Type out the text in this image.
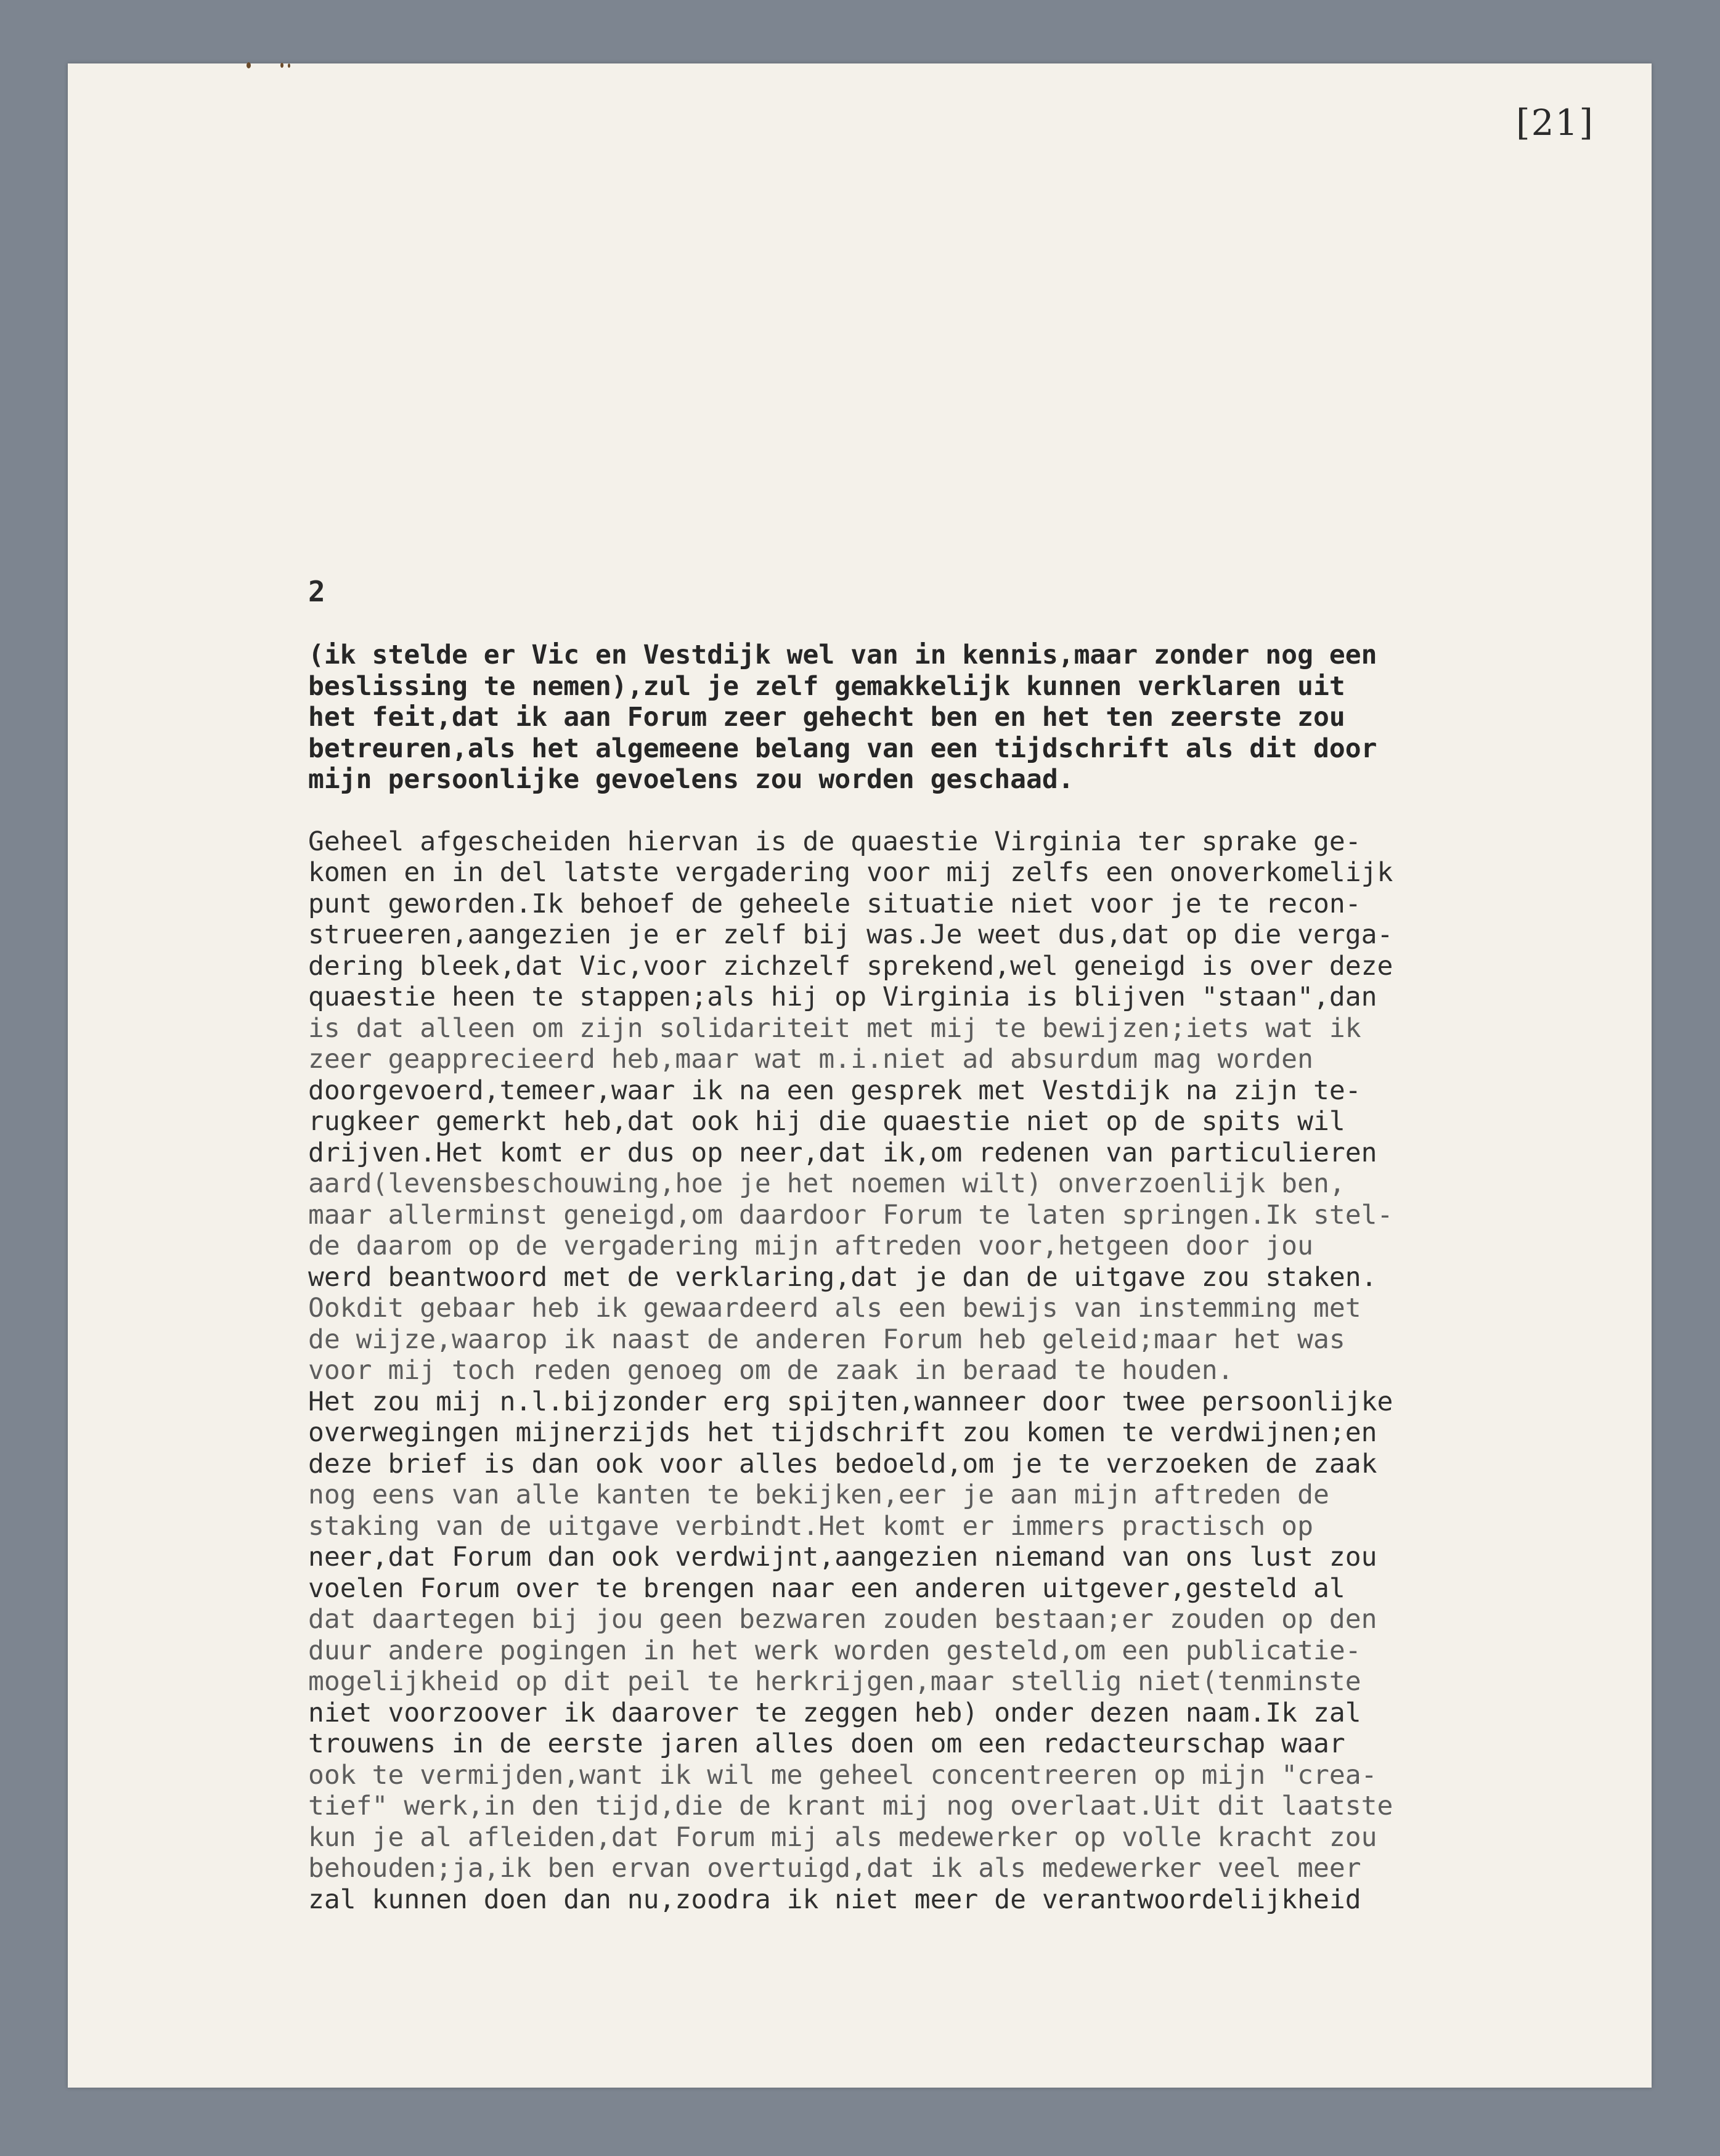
[21]
2
(ik stelde er Vic en Vestdijk wel van in kennis,maar zonder nog een
beslissing te nemen),zul je zelf gemakkelijk kunnen verklaren uit
het feit,dat ik aan Forum zeer gehecht ben en het ten zeerste zou
betreuren,als het algemeene belang van een tijdschrift als dit door
mijn persoonlijke gevoelens zou worden geschaad.
Geheel afgescheiden hiervan is de quaestie Virginia ter sprake ge-
komen en in del latste vergadering voor mij zelfs een onoverkomelijk
punt geworden.Ik behoef de geheele situatie niet voor je te recon-
strueeren,aangezien je er zelf bij was.Je weet dus,dat op die verga-
dering bleek,dat Vic,voor zichzelf sprekend,wel geneigd is over deze
quaestie heen te stappen;als hij op Virginia is blijven "staan",dan
is dat alleen om zijn solidariteit met mij te bewijzen;iets wat ik
zeer geapprecieerd heb,maar wat m.i.niet ad absurdum mag worden
doorgevoerd,temeer,waar ik na een gesprek met Vestdijk na zijn te-
rugkeer gemerkt heb,dat ook hij die quaestie niet op de spits wil
drijven.Het komt er dus op neer,dat ik,om redenen van particulieren
aard(levensbeschouwing,hoe je het noemen wilt) onverzoenlijk ben,
maar allerminst geneigd,om daardoor Forum te laten springen.Ik stel-
de daarom op de vergadering mijn aftreden voor,hetgeen door jou
werd beantwoord met de verklaring,dat je dan de uitgave zou staken.
Ookdit gebaar heb ik gewaardeerd als een bewijs van instemming met
de wijze,waarop ik naast de anderen Forum heb geleid;maar het was
voor mij toch reden genoeg om de zaak in beraad te houden.
Het zou mij n.l.bijzonder erg spijten,wanneer door twee persoonlijke
overwegingen mijnerzijds het tijdschrift zou komen te verdwijnen;en
deze brief is dan ook voor alles bedoeld,om je te verzoeken de zaak
nog eens van alle kanten te bekijken,eer je aan mijn aftreden de
staking van de uitgave verbindt.Het komt er immers practisch op
neer,dat Forum dan ook verdwijnt,aangezien niemand van ons lust zou
voelen Forum over te brengen naar een anderen uitgever,gesteld al
dat daartegen bij jou geen bezwaren zouden bestaan;er zouden op den
duur andere pogingen in het werk worden gesteld,om een publicatie-
mogelijkheid op dit peil te herkrijgen,maar stellig niet(tenminste
niet voorzoover ik daarover te zeggen heb) onder dezen naam.Ik zal
trouwens in de eerste jaren alles doen om een redacteurschap waar
ook te vermijden,want ik wil me geheel concentreeren op mijn "crea-
tief" werk,in den tijd,die de krant mij nog overlaat.Uit dit laatste
kun je al afleiden,dat Forum mij als medewerker op volle kracht zou
behouden;ja,ik ben ervan overtuigd,dat ik als medewerker veel meer
zal kunnen doen dan nu,zoodra ik niet meer de verantwoordelijkheid
